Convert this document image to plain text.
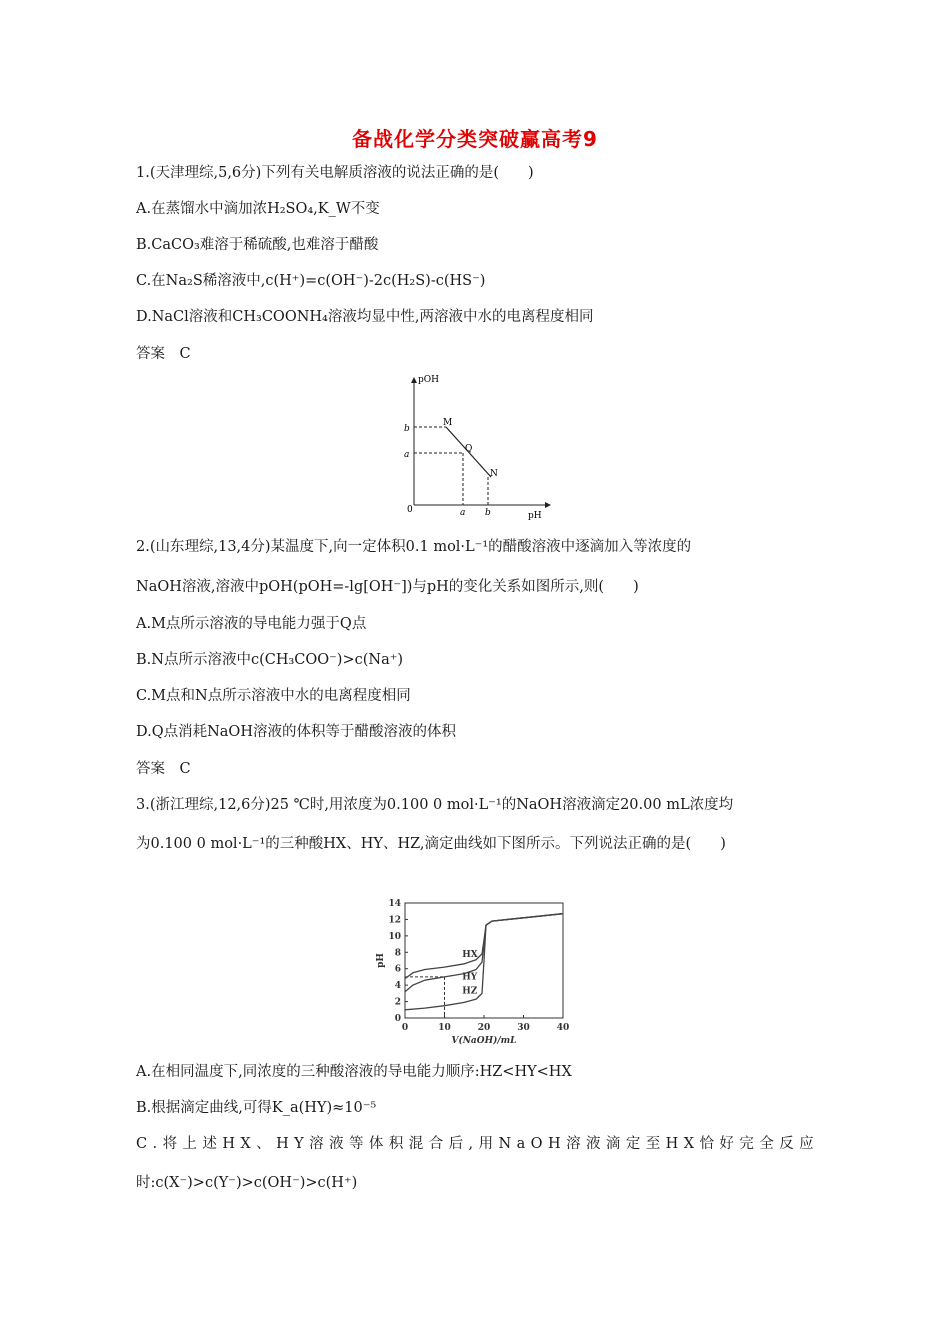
备战化学分类突破赢高考9
1.(天津理综,5,6分)下列有关电解质溶液的说法正确的是(　　)
A.在蒸馏水中滴加浓H₂SO₄,K_W不变
B.CaCO₃难溶于稀硫酸,也难溶于醋酸
C.在Na₂S稀溶液中,c(H⁺)=c(OH⁻)-2c(H₂S)-c(HS⁻)
D.NaCl溶液和CH₃COONH₄溶液均显中性,两溶液中水的电离程度相同
答案　C
pOH
pH
0
b
a
a b
M
Q
N
2.(山东理综,13,4分)某温度下,向一定体积0.1 mol·L⁻¹的醋酸溶液中逐滴加入等浓度的
NaOH溶液,溶液中pOH(pOH=-lg[OH⁻])与pH的变化关系如图所示,则(　　)
A.M点所示溶液的导电能力强于Q点
B.N点所示溶液中c(CH₃COO⁻)>c(Na⁺)
C.M点和N点所示溶液中水的电离程度相同
D.Q点消耗NaOH溶液的体积等于醋酸溶液的体积
答案　C
3.(浙江理综,12,6分)25 ℃时,用浓度为0.100 0 mol·L⁻¹的NaOH溶液滴定20.00 mL浓度均
为0.100 0 mol·L⁻¹的三种酸HX、HY、HZ,滴定曲线如下图所示。下列说法正确的是(　　)
0
2
4
6
8
10
12
14
0	10	20	30	40
V(NaOH)/mL
pH	HX
HY
HZ
A.在相同温度下,同浓度的三种酸溶液的导电能力顺序:HZ<HY<HX
B.根据滴定曲线,可得K_a(HY)≈10⁻⁵
C . 将 上 述 H X 、 H Y 溶 液 等 体 积 混 合 后 , 用 N a O H 溶 液 滴 定 至 H X 恰 好 完 全 反 应
时:c(X⁻)>c(Y⁻)>c(OH⁻)>c(H⁺)
